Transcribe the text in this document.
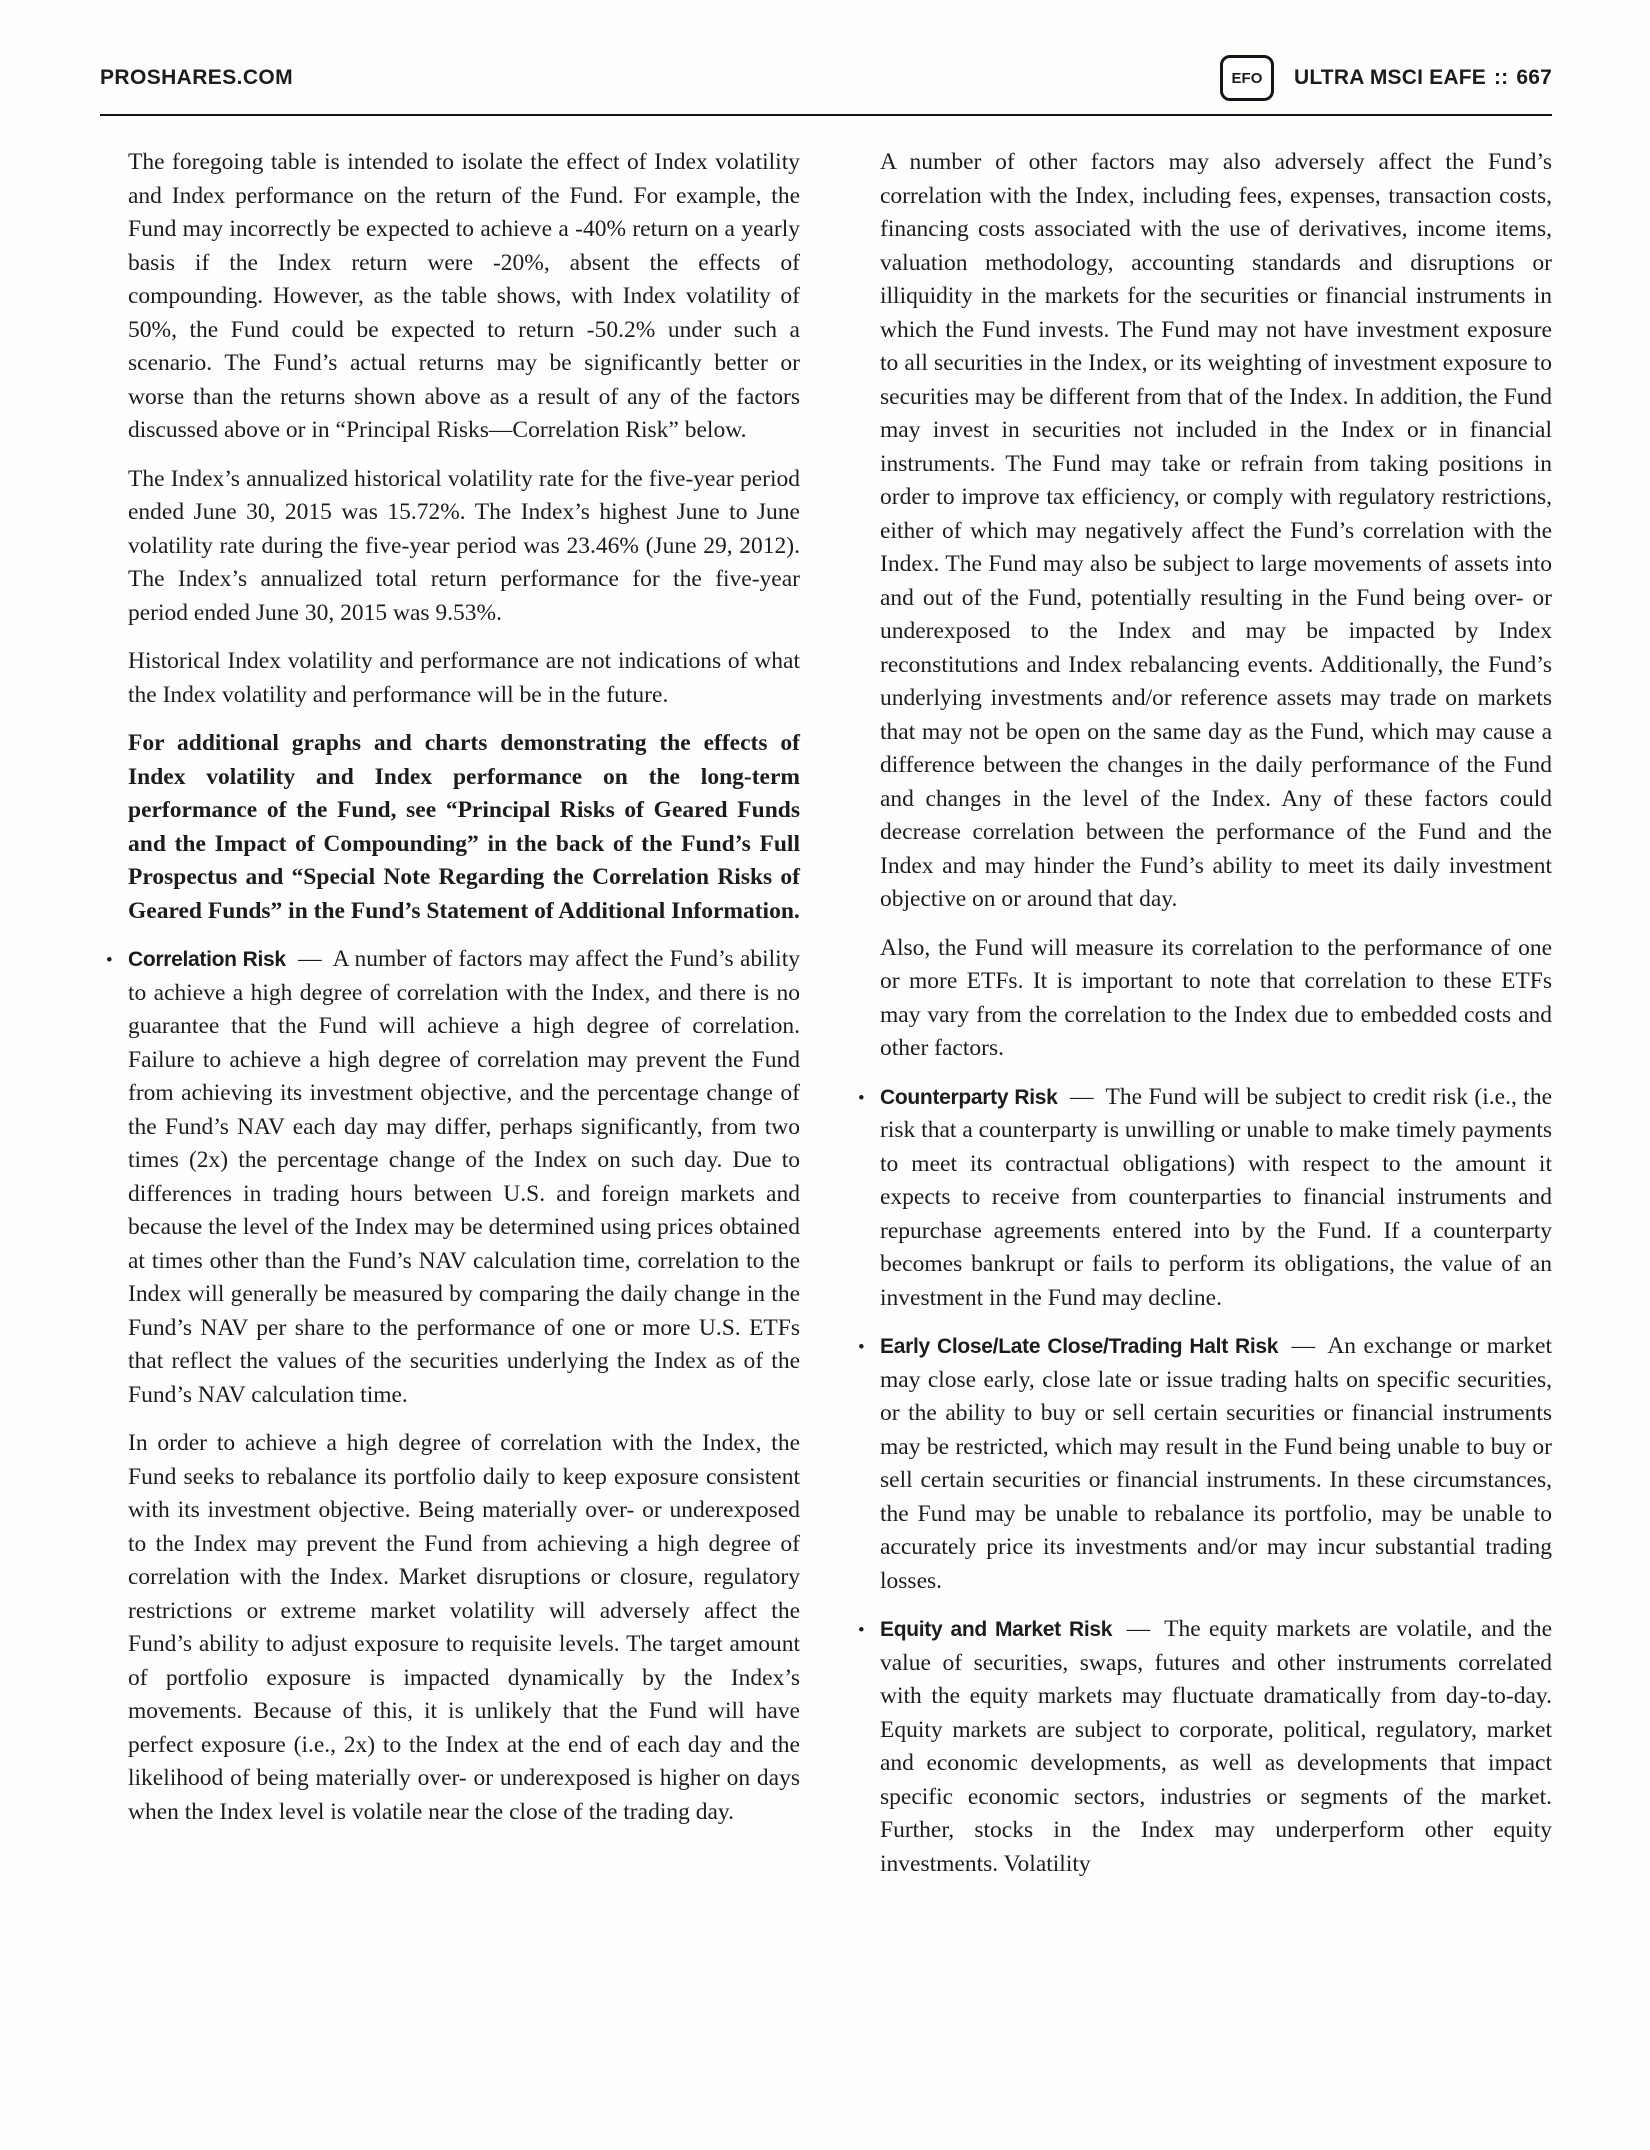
PROSHARES.COM	EFO	ULTRA MSCI EAFE :: 667

The foregoing table is intended to isolate the effect of Index volatility and Index performance on the return of the Fund. For example, the Fund may incorrectly be expected to achieve a -40% return on a yearly basis if the Index return were -20%, absent the effects of compounding. However, as the table shows, with Index volatility of 50%, the Fund could be expected to return -50.2% under such a scenario. The Fund’s actual returns may be significantly better or worse than the returns shown above as a result of any of the factors discussed above or in “Principal Risks—Correlation Risk” below.

The Index’s annualized historical volatility rate for the five-year period ended June 30, 2015 was 15.72%. The Index’s highest June to June volatility rate during the five-year period was 23.46% (June 29, 2012). The Index’s annualized total return performance for the five-year period ended June 30, 2015 was 9.53%.

Historical Index volatility and performance are not indications of what the Index volatility and performance will be in the future.

For additional graphs and charts demonstrating the effects of Index volatility and Index performance on the long-term performance of the Fund, see “Principal Risks of Geared Funds and the Impact of Compounding” in the back of the Fund’s Full Prospectus and “Special Note Regarding the Correlation Risks of Geared Funds” in the Fund’s Statement of Additional Information.

• Correlation Risk — A number of factors may affect the Fund’s ability to achieve a high degree of correlation with the Index, and there is no guarantee that the Fund will achieve a high degree of correlation. Failure to achieve a high degree of correlation may prevent the Fund from achieving its investment objective, and the percentage change of the Fund’s NAV each day may differ, perhaps significantly, from two times (2x) the percentage change of the Index on such day. Due to differences in trading hours between U.S. and foreign markets and because the level of the Index may be determined using prices obtained at times other than the Fund’s NAV calculation time, correlation to the Index will generally be measured by comparing the daily change in the Fund’s NAV per share to the performance of one or more U.S. ETFs that reflect the values of the securities underlying the Index as of the Fund’s NAV calculation time.

In order to achieve a high degree of correlation with the Index, the Fund seeks to rebalance its portfolio daily to keep exposure consistent with its investment objective. Being materially over- or underexposed to the Index may prevent the Fund from achieving a high degree of correlation with the Index. Market disruptions or closure, regulatory restrictions or extreme market volatility will adversely affect the Fund’s ability to adjust exposure to requisite levels. The target amount of portfolio exposure is impacted dynamically by the Index’s movements. Because of this, it is unlikely that the Fund will have perfect exposure (i.e., 2x) to the Index at the end of each day and the likelihood of being materially over- or underexposed is higher on days when the Index level is volatile near the close of the trading day.

A number of other factors may also adversely affect the Fund’s correlation with the Index, including fees, expenses, transaction costs, financing costs associated with the use of derivatives, income items, valuation methodology, accounting standards and disruptions or illiquidity in the markets for the securities or financial instruments in which the Fund invests. The Fund may not have investment exposure to all securities in the Index, or its weighting of investment exposure to securities may be different from that of the Index. In addition, the Fund may invest in securities not included in the Index or in financial instruments. The Fund may take or refrain from taking positions in order to improve tax efficiency, or comply with regulatory restrictions, either of which may negatively affect the Fund’s correlation with the Index. The Fund may also be subject to large movements of assets into and out of the Fund, potentially resulting in the Fund being over- or underexposed to the Index and may be impacted by Index reconstitutions and Index rebalancing events. Additionally, the Fund’s underlying investments and/or reference assets may trade on markets that may not be open on the same day as the Fund, which may cause a difference between the changes in the daily performance of the Fund and changes in the level of the Index. Any of these factors could decrease correlation between the performance of the Fund and the Index and may hinder the Fund’s ability to meet its daily investment objective on or around that day.

Also, the Fund will measure its correlation to the performance of one or more ETFs. It is important to note that correlation to these ETFs may vary from the correlation to the Index due to embedded costs and other factors.

• Counterparty Risk — The Fund will be subject to credit risk (i.e., the risk that a counterparty is unwilling or unable to make timely payments to meet its contractual obligations) with respect to the amount it expects to receive from counterparties to financial instruments and repurchase agreements entered into by the Fund. If a counterparty becomes bankrupt or fails to perform its obligations, the value of an investment in the Fund may decline.

• Early Close/Late Close/Trading Halt Risk — An exchange or market may close early, close late or issue trading halts on specific securities, or the ability to buy or sell certain securities or financial instruments may be restricted, which may result in the Fund being unable to buy or sell certain securities or financial instruments. In these circumstances, the Fund may be unable to rebalance its portfolio, may be unable to accurately price its investments and/or may incur substantial trading losses.

• Equity and Market Risk — The equity markets are volatile, and the value of securities, swaps, futures and other instruments correlated with the equity markets may fluctuate dramatically from day-to-day. Equity markets are subject to corporate, political, regulatory, market and economic developments, as well as developments that impact specific economic sectors, industries or segments of the market. Further, stocks in the Index may underperform other equity investments. Volatility
